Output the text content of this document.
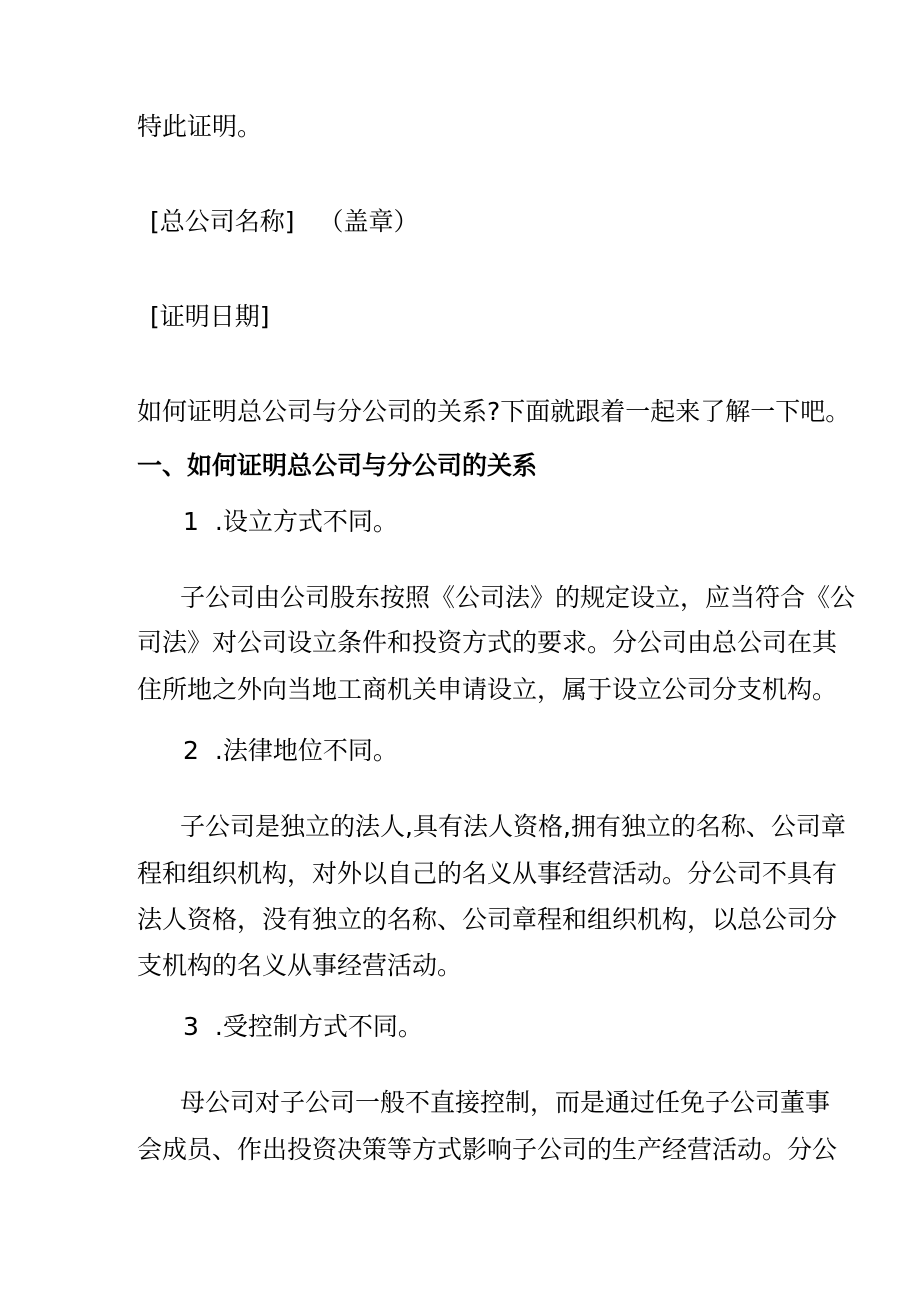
特此证明。
[总公司名称] （盖章）
[证明日期]
如何证明总公司与分公司的关系?下面就跟着一起来了解一下吧。
一、如何证明总公司与分公司的关系
1 .设立方式不同。
子公司由公司股东按照《公司法》的规定设立，应当符合《公
司法》对公司设立条件和投资方式的要求。分公司由总公司在其
住所地之外向当地工商机关申请设立，属于设立公司分支机构。
2 .法律地位不同。
子公司是独立的法人,具有法人资格,拥有独立的名称、公司章
程和组织机构，对外以自己的名义从事经营活动。分公司不具有
法人资格，没有独立的名称、公司章程和组织机构，以总公司分
支机构的名义从事经营活动。
3 .受控制方式不同。
母公司对子公司一般不直接控制，而是通过任免子公司董事
会成员、作出投资决策等方式影响子公司的生产经营活动。分公
